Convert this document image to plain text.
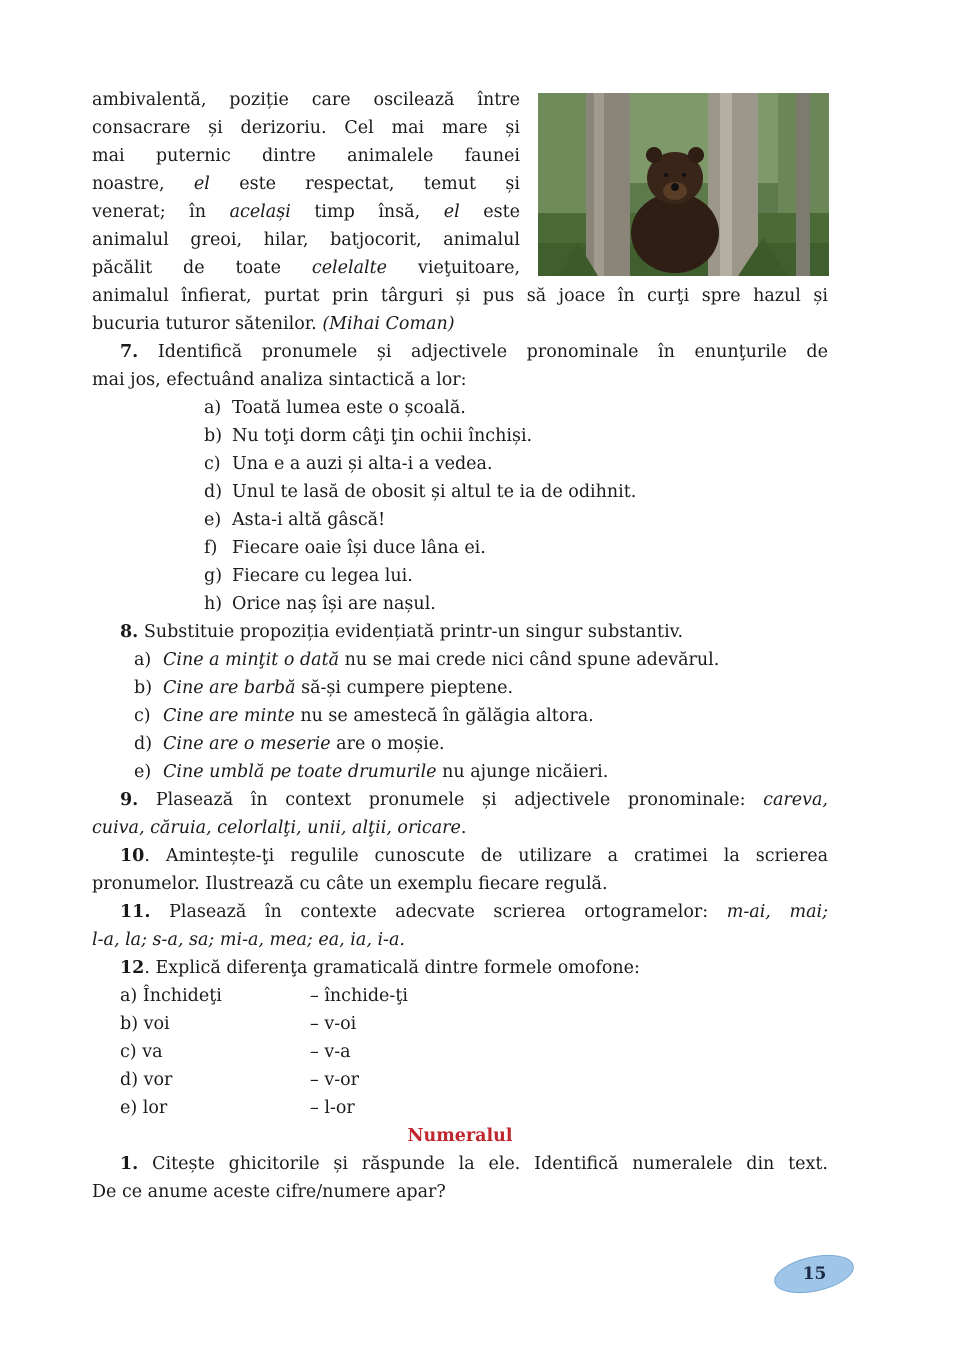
ambivalentă, poziție care oscilează între
consacrare și derizoriu. Cel mai mare și
mai puternic dintre animalele faunei
noastre, el este respectat, temut și
venerat; în același timp însă, el este
animalul greoi, hilar, batjocorit, animalul
păcălit de toate celelalte vieţuitoare,
animalul înfierat, purtat prin târguri și pus să joace în curţi spre hazul și
bucuria tuturor sătenilor. (Mihai Coman)
7. Identifică pronumele și adjectivele pronominale în enunţurile de
mai jos, efectuând analiza sintactică a lor:
a) Toată lumea este o școală.
b) Nu toţi dorm câţi ţin ochii închiși.
c) Una e a auzi și alta-i a vedea.
d) Unul te lasă de obosit și altul te ia de odihnit.
e) Asta-i altă gâscă!
f) Fiecare oaie își duce lâna ei.
g) Fiecare cu legea lui.
h) Orice naș își are nașul.
8. Substituie propoziția evidențiată printr-un singur substantiv.
a) Cine a minţit o dată nu se mai crede nici când spune adevărul.
b) Cine are barbă să-și cumpere pieptene.
c) Cine are minte nu se amestecă în gălăgia altora.
d) Cine are o meserie are o moșie.
e) Cine umblă pe toate drumurile nu ajunge nicăieri.
9. Plasează în context pronumele și adjectivele pronominale: careva,
cuiva, căruia, celorlalţi, unii, alţii, oricare.
10. Amintește-ţi regulile cunoscute de utilizare a cratimei la scrierea
pronumelor. Ilustrează cu câte un exemplu fiecare regulă.
11. Plasează în contexte adecvate scrierea ortogramelor: m-ai, mai;
l-a, la; s-a, sa; mi-a, mea; ea, ia, i-a.
12. Explică diferenţa gramaticală dintre formele omofone:
a) Închideţi	– închide-ţi
b) voi	– v-oi
c) va	– v-a
d) vor	– v-or
e) lor	– l-or
Numeralul
1. Citește ghicitorile și răspunde la ele. Identifică numeralele din text.
De ce anume aceste cifre/numere apar?
15
